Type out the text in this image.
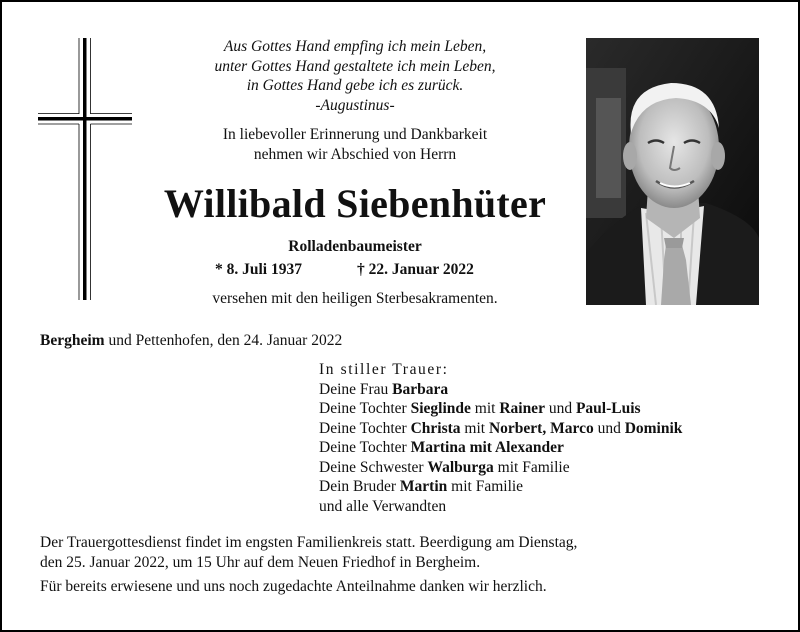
Aus Gottes Hand empfing ich mein Leben,
unter Gottes Hand gestaltete ich mein Leben,
in Gottes Hand gebe ich es zurück.
-Augustinus-
In liebevoller Erinnerung und Dankbarkeit
nehmen wir Abschied von Herrn
Willibald Siebenhüter
Rolladenbaumeister
* 8. Juli 1937	† 22. Januar 2022
versehen mit den heiligen Sterbesakramenten.
Bergheim und Pettenhofen, den 24. Januar 2022
In stiller Trauer:
Deine Frau Barbara
Deine Tochter Sieglinde mit Rainer und Paul-Luis
Deine Tochter Christa mit Norbert, Marco und Dominik
Deine Tochter Martina mit Alexander
Deine Schwester Walburga mit Familie
Dein Bruder Martin mit Familie
und alle Verwandten
Der Trauergottesdienst findet im engsten Familienkreis statt. Beerdigung am Dienstag,
den 25. Januar 2022, um 15 Uhr auf dem Neuen Friedhof in Bergheim.
Für bereits erwiesene und uns noch zugedachte Anteilnahme danken wir herzlich.
